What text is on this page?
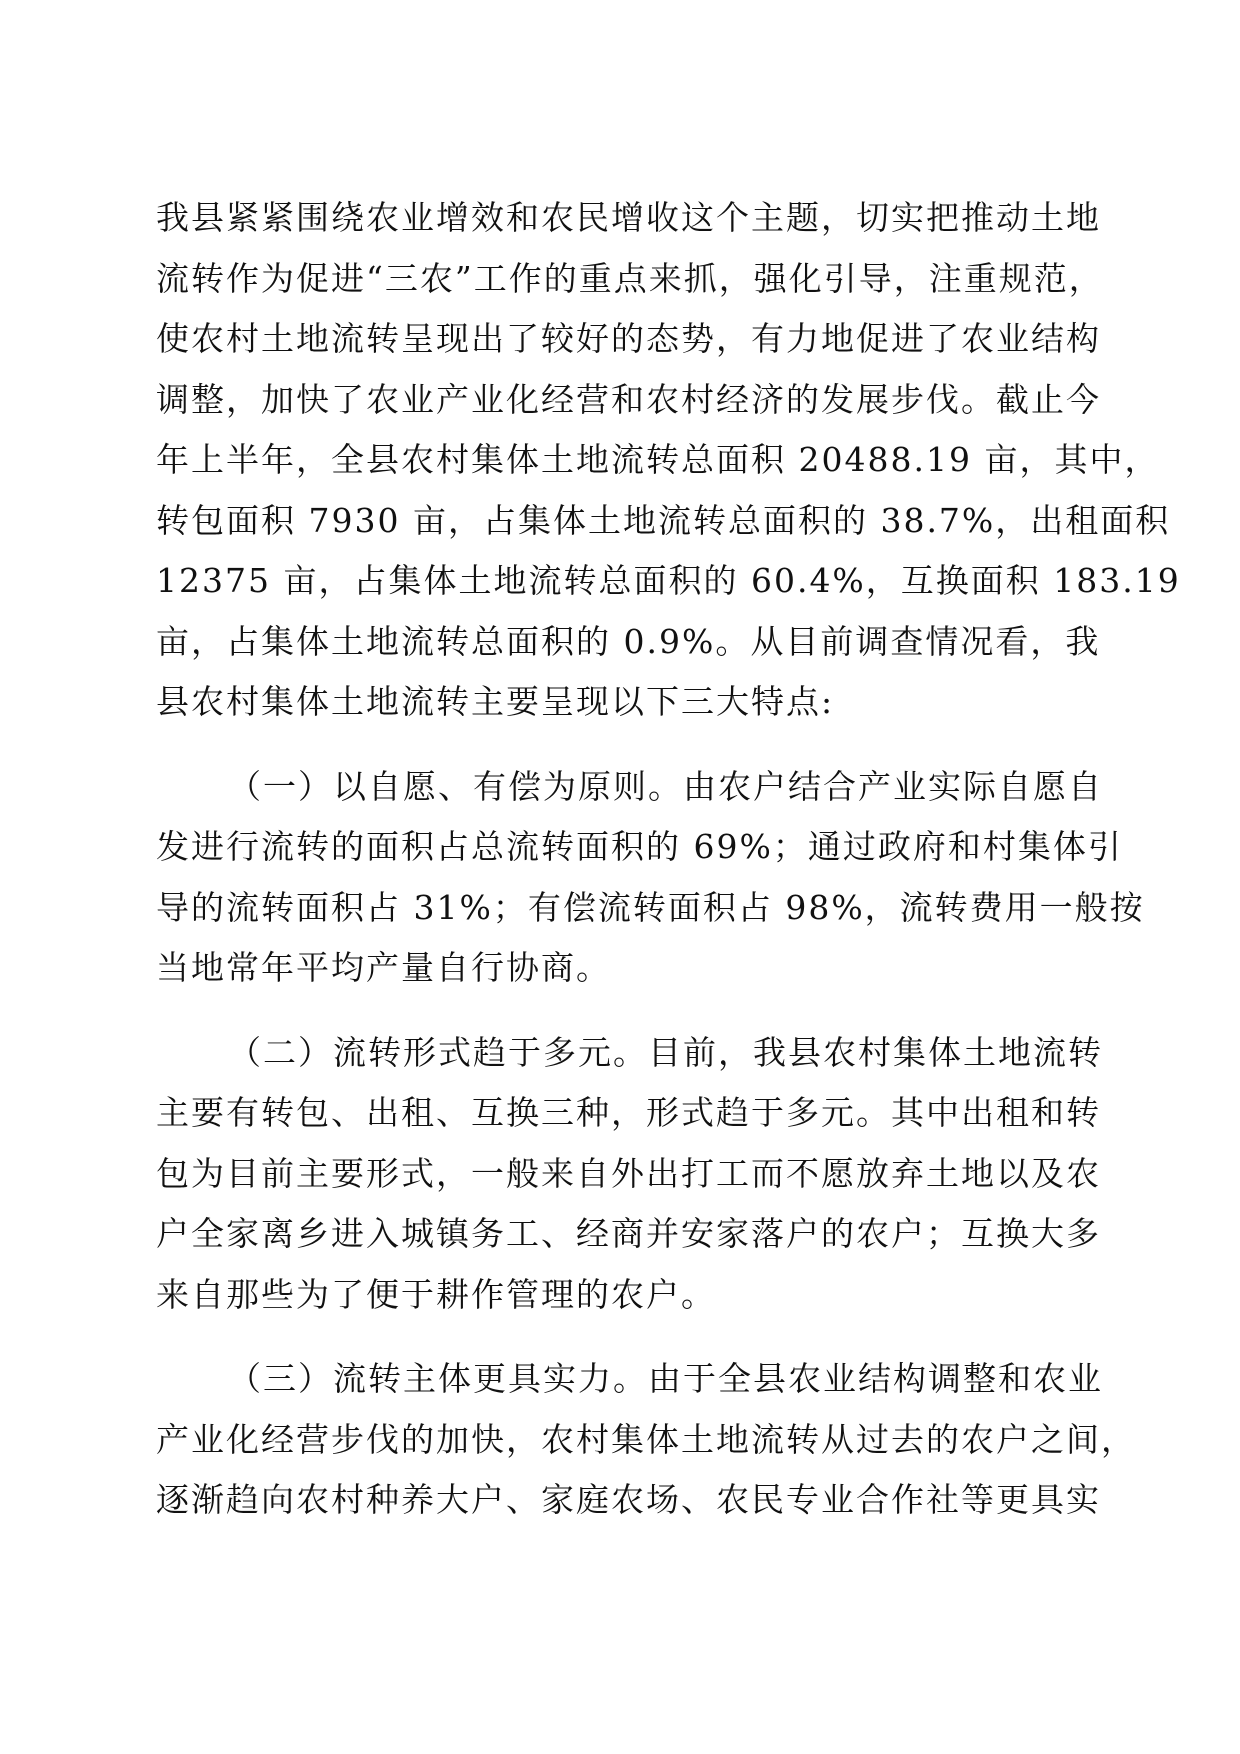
我县紧紧围绕农业增效和农民增收这个主题，切实把推动土地
流转作为促进“三农”工作的重点来抓，强化引导，注重规范，
使农村土地流转呈现出了较好的态势，有力地促进了农业结构
调整，加快了农业产业化经营和农村经济的发展步伐。截止今
年上半年，全县农村集体土地流转总面积 20488.19 亩，其中，
转包面积 7930 亩，占集体土地流转总面积的 38.7%，出租面积
12375 亩，占集体土地流转总面积的 60.4%，互换面积 183.19
亩，占集体土地流转总面积的 0.9%。从目前调查情况看，我
县农村集体土地流转主要呈现以下三大特点:
（一）以自愿、有偿为原则。由农户结合产业实际自愿自
发进行流转的面积占总流转面积的 69%；通过政府和村集体引
导的流转面积占 31%；有偿流转面积占 98%，流转费用一般按
当地常年平均产量自行协商。
（二）流转形式趋于多元。目前，我县农村集体土地流转
主要有转包、出租、互换三种，形式趋于多元。其中出租和转
包为目前主要形式，一般来自外出打工而不愿放弃土地以及农
户全家离乡进入城镇务工、经商并安家落户的农户；互换大多
来自那些为了便于耕作管理的农户。
（三）流转主体更具实力。由于全县农业结构调整和农业
产业化经营步伐的加快，农村集体土地流转从过去的农户之间，
逐渐趋向农村种养大户、家庭农场、农民专业合作社等更具实
